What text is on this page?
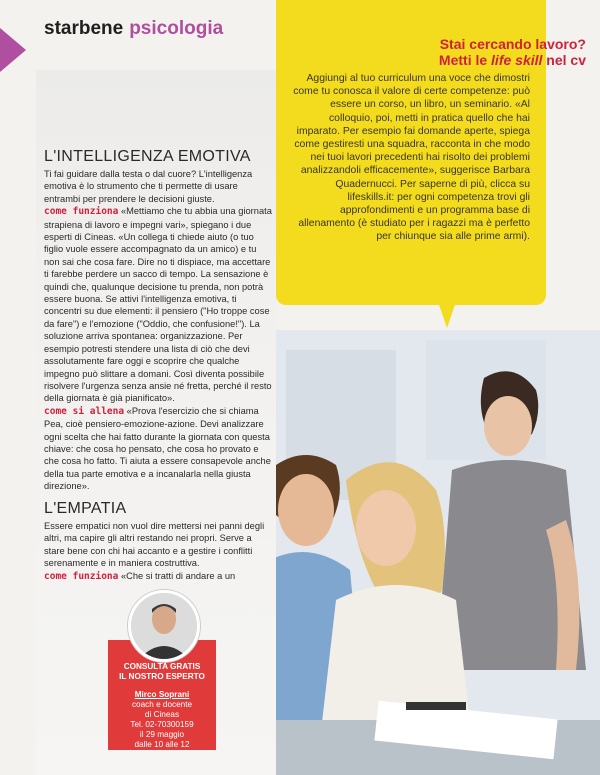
starbene psicologia
L'INTELLIGENZA EMOTIVA

Ti fai guidare dalla testa o dal cuore? L'intelligenza emotiva è lo strumento che ti permette di usare entrambi per prendere le decisioni giuste.

come funziona «Mettiamo che tu abbia una giornata strapiena di lavoro e impegni vari», spiegano i due esperti di Cineas. «Un collega ti chiede aiuto (o tuo figlio vuole essere accompagnato da un amico) e tu non sai che cosa fare. Dire no ti dispiace, ma accettare ti farebbe perdere un sacco di tempo. La sensazione è quindi che, qualunque decisione tu prenda, non potrà essere buona. Se attivi l'intelligenza emotiva, ti concentri su due elementi: il pensiero ("Ho troppe cose da fare") e l'emozione ("Oddio, che confusione!"). La soluzione arriva spontanea: organizzazione. Per esempio potresti stendere una lista di ciò che devi assolutamente fare oggi e scoprire che qualche impegno può slittare a domani. Così diventa possibile risolvere l'urgenza senza ansie né fretta, perché il resto della giornata è già pianificato».

come si allena «Prova l'esercizio che si chiama Pea, cioè pensiero-emozione-azione. Devi analizzare ogni scelta che hai fatto durante la giornata con questa chiave: che cosa ho pensato, che cosa ho provato e che cosa ho fatto. Ti aiuta a essere consapevole anche della tua parte emotiva e a incanalarla nella giusta direzione».

L'EMPATIA

Essere empatici non vuol dire mettersi nei panni degli altri, ma capire gli altri restando nei propri. Serve a stare bene con chi hai accanto e a gestire i conflitti serenamente e in maniera costruttiva.

come funziona «Che si tratti di andare a un

Stai cercando lavoro?
Metti le life skill nel cv
Aggiungi al tuo curriculum una voce che dimostri come tu conosca il valore di certe competenze: può essere un corso, un libro, un seminario. «Al colloquio, poi, metti in pratica quello che hai imparato. Per esempio fai domande aperte, spiega come gestiresti una squadra, racconta in che modo nei tuoi lavori precedenti hai risolto dei problemi analizzandoli efficacemente», suggerisce Barbara Quadernucci. Per saperne di più, clicca su lifeskills.it: per ogni competenza trovi gli approfondimenti e un programma base di allenamento (è studiato per i ragazzi ma è perfetto per chiunque sia alle prime armi).
CONSULTA GRATIS
IL NOSTRO ESPERTO
Mirco Soprani
coach e docente
di Cineas
Tel. 02-70300159
il 29 maggio
dalle 10 alle 12
